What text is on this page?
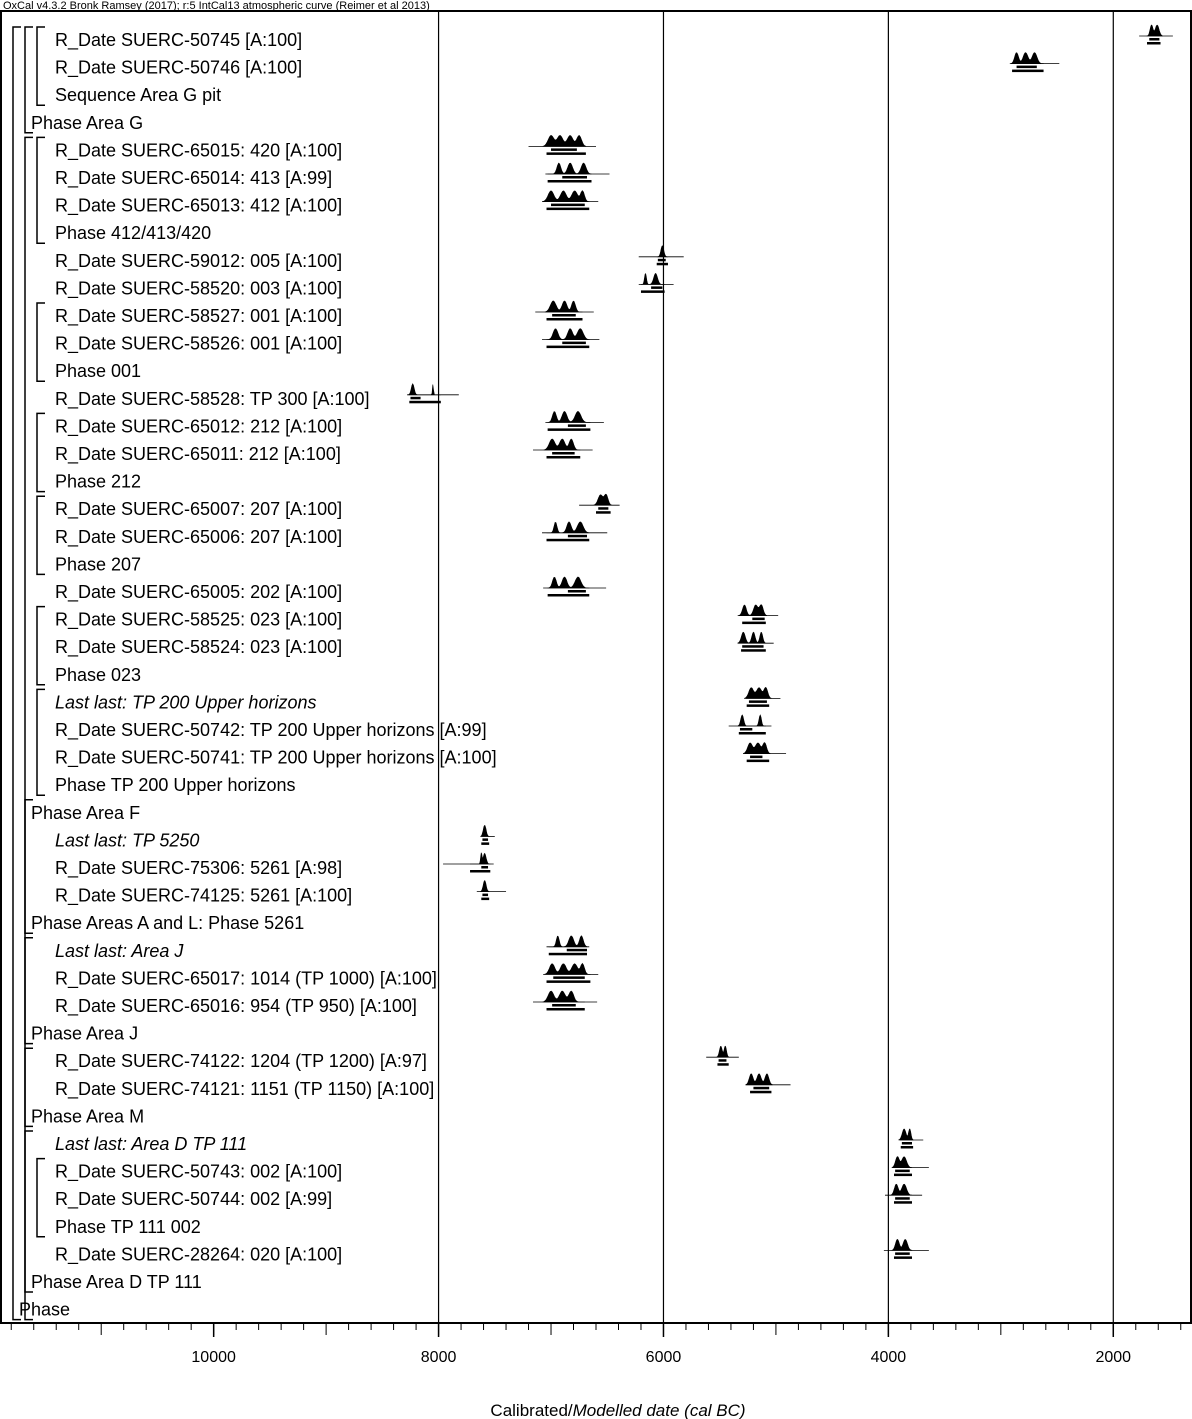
OxCal v4.3.2 Bronk Ramsey (2017); r:5 IntCal13 atmospheric curve (Reimer et al 2013)
R_Date SUERC-50745 [A:100]
R_Date SUERC-50746 [A:100]
Sequence Area G pit
Phase Area G
R_Date SUERC-65015: 420 [A:100]
R_Date SUERC-65014: 413 [A:99]
R_Date SUERC-65013: 412 [A:100]
Phase 412/413/420
R_Date SUERC-59012: 005 [A:100]
R_Date SUERC-58520: 003 [A:100]
R_Date SUERC-58527: 001 [A:100]
R_Date SUERC-58526: 001 [A:100]
Phase 001
R_Date SUERC-58528: TP 300 [A:100]
R_Date SUERC-65012: 212 [A:100]
R_Date SUERC-65011: 212 [A:100]
Phase 212
R_Date SUERC-65007: 207 [A:100]
R_Date SUERC-65006: 207 [A:100]
Phase 207
R_Date SUERC-65005: 202 [A:100]
R_Date SUERC-58525: 023 [A:100]
R_Date SUERC-58524: 023 [A:100]
Phase 023
Last last: TP 200 Upper horizons
R_Date SUERC-50742: TP 200 Upper horizons [A:99]
R_Date SUERC-50741: TP 200 Upper horizons [A:100]
Phase TP 200 Upper horizons
Phase Area F
Last last: TP 5250
R_Date SUERC-75306: 5261 [A:98]
R_Date SUERC-74125: 5261 [A:100]
Phase Areas A and L: Phase 5261
Last last: Area J
R_Date SUERC-65017: 1014 (TP 1000) [A:100]
R_Date SUERC-65016: 954 (TP 950) [A:100]
Phase Area J
R_Date SUERC-74122: 1204 (TP 1200) [A:97]
R_Date SUERC-74121: 1151 (TP 1150) [A:100]
Phase Area M
Last last: Area D TP 111
R_Date SUERC-50743: 002 [A:100]
R_Date SUERC-50744: 002 [A:99]
Phase TP 111 002
R_Date SUERC-28264: 020 [A:100]
Phase Area D TP 111
Phase
10000	8000	6000	4000	2000
Calibrated/Modelled date (cal BC)
